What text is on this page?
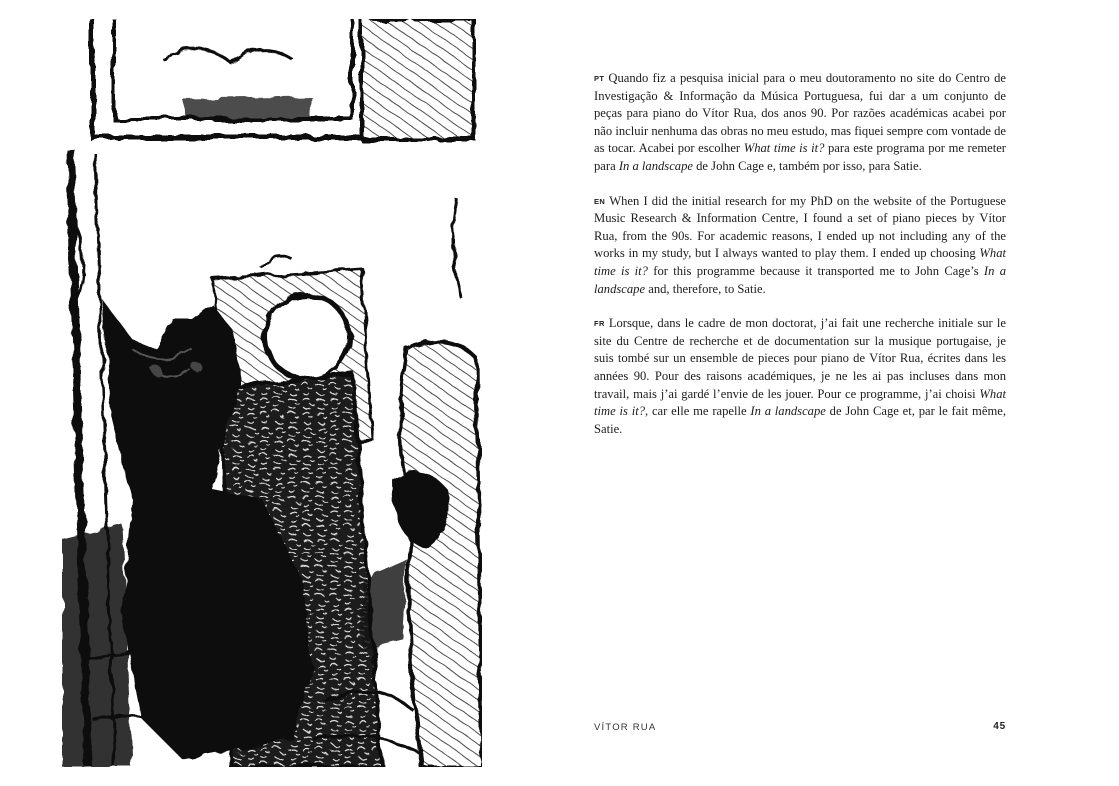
PT Quando fiz a pesquisa inicial para o meu doutoramento no site do Centro de Investigação & Informação da Música Portuguesa, fui dar a um conjunto de peças para piano do Vítor Rua, dos anos 90. Por razões académicas acabei por não incluir nenhuma das obras no meu estudo, mas fiquei sempre com vontade de as tocar. Acabei por escolher What time is it? para este programa por me remeter para In a landscape de John Cage e, também por isso, para Satie.

EN When I did the initial research for my PhD on the website of the Portuguese Music Research & Information Centre, I found a set of piano pieces by Vítor Rua, from the 90s. For academic reasons, I ended up not including any of the works in my study, but I always wanted to play them. I ended up choosing What time is it? for this programme because it transported me to John Cage’s In a landscape and, therefore, to Satie.

FR Lorsque, dans le cadre de mon doctorat, j’ai fait une recherche initiale sur le site du Centre de recherche et de documentation sur la musique portugaise, je suis tombé sur un ensemble de pieces pour piano de Vítor Rua, écrites dans les années 90. Pour des raisons académiques, je ne les ai pas incluses dans mon travail, mais j’ai gardé l’envie de les jouer. Pour ce programme, j’ai choisi What time is it?, car elle me rapelle In a landscape de John Cage et, par le fait même, Satie.

VÍTOR RUA	45
